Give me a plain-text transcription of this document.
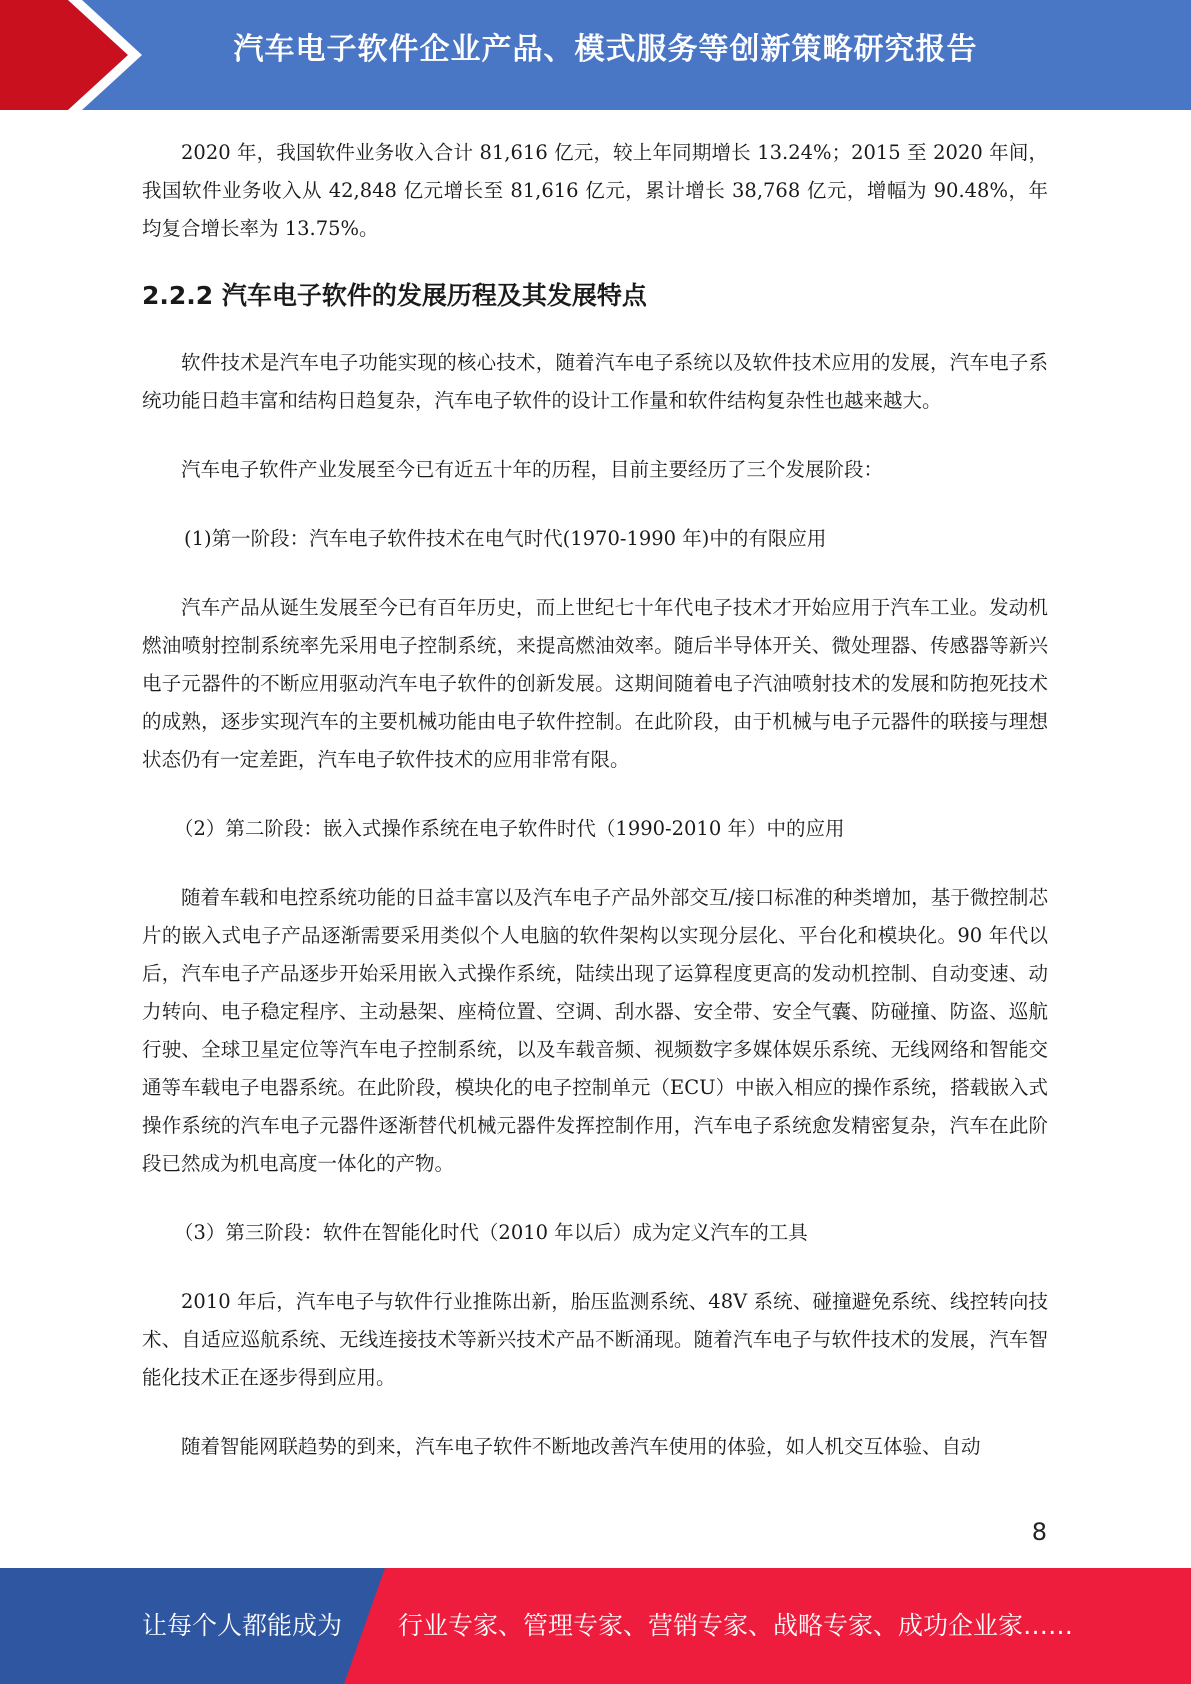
汽车电子软件企业产品、模式服务等创新策略研究报告

2020 年，我国软件业务收入合计 81,616 亿元，较上年同期增长 13.24%；2015 至 2020 年间，我国软件业务收入从 42,848 亿元增长至 81,616 亿元，累计增长 38,768 亿元，增幅为 90.48%，年均复合增长率为 13.75%。

2.2.2 汽车电子软件的发展历程及其发展特点

软件技术是汽车电子功能实现的核心技术，随着汽车电子系统以及软件技术应用的发展，汽车电子系统功能日趋丰富和结构日趋复杂，汽车电子软件的设计工作量和软件结构复杂性也越来越大。

汽车电子软件产业发展至今已有近五十年的历程，目前主要经历了三个发展阶段：

(1)第一阶段：汽车电子软件技术在电气时代(1970-1990 年)中的有限应用

汽车产品从诞生发展至今已有百年历史，而上世纪七十年代电子技术才开始应用于汽车工业。发动机燃油喷射控制系统率先采用电子控制系统，来提高燃油效率。随后半导体开关、微处理器、传感器等新兴电子元器件的不断应用驱动汽车电子软件的创新发展。这期间随着电子汽油喷射技术的发展和防抱死技术的成熟，逐步实现汽车的主要机械功能由电子软件控制。在此阶段，由于机械与电子元器件的联接与理想状态仍有一定差距，汽车电子软件技术的应用非常有限。

（2）第二阶段：嵌入式操作系统在电子软件时代（1990-2010 年）中的应用

随着车载和电控系统功能的日益丰富以及汽车电子产品外部交互/接口标准的种类增加，基于微控制芯片的嵌入式电子产品逐渐需要采用类似个人电脑的软件架构以实现分层化、平台化和模块化。90 年代以后，汽车电子产品逐步开始采用嵌入式操作系统，陆续出现了运算程度更高的发动机控制、自动变速、动力转向、电子稳定程序、主动悬架、座椅位置、空调、刮水器、安全带、安全气囊、防碰撞、防盗、巡航行驶、全球卫星定位等汽车电子控制系统，以及车载音频、视频数字多媒体娱乐系统、无线网络和智能交通等车载电子电器系统。在此阶段，模块化的电子控制单元（ECU）中嵌入相应的操作系统，搭载嵌入式操作系统的汽车电子元器件逐渐替代机械元器件发挥控制作用，汽车电子系统愈发精密复杂，汽车在此阶段已然成为机电高度一体化的产物。

（3）第三阶段：软件在智能化时代（2010 年以后）成为定义汽车的工具

2010 年后，汽车电子与软件行业推陈出新，胎压监测系统、48V 系统、碰撞避免系统、线控转向技术、自适应巡航系统、无线连接技术等新兴技术产品不断涌现。随着汽车电子与软件技术的发展，汽车智能化技术正在逐步得到应用。

随着智能网联趋势的到来，汽车电子软件不断地改善汽车使用的体验，如人机交互体验、自动

8
让每个人都能成为 行业专家、管理专家、营销专家、战略专家、成功企业家……
